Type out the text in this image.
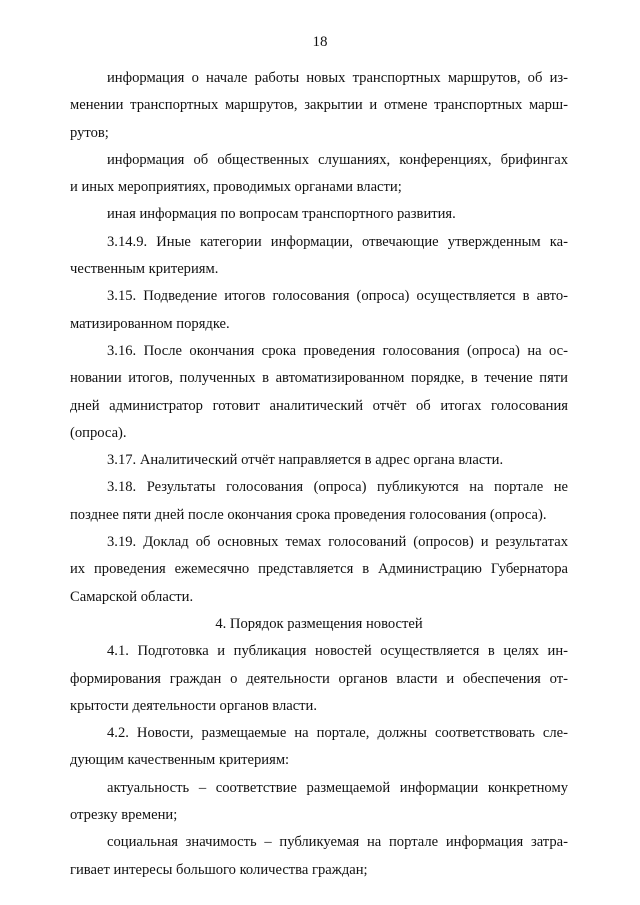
18
информация о начале работы новых транспортных маршрутов, об из-
менении транспортных маршрутов, закрытии и отмене транспортных марш-
рутов;
информация об общественных слушаниях, конференциях, брифингах
и иных мероприятиях, проводимых органами власти;
иная информация по вопросам транспортного развития.
3.14.9. Иные категории информации, отвечающие утвержденным ка-
чественным критериям.
3.15. Подведение итогов голосования (опроса) осуществляется в авто-
матизированном порядке.
3.16. После окончания срока проведения голосования (опроса) на ос-
новании итогов, полученных в автоматизированном порядке, в течение пяти
дней администратор готовит аналитический отчёт об итогах голосования
(опроса).
3.17. Аналитический отчёт направляется в адрес органа власти.
3.18. Результаты голосования (опроса) публикуются на портале не
позднее пяти дней после окончания срока проведения голосования (опроса).
3.19. Доклад об основных темах голосований (опросов) и результатах
их проведения ежемесячно представляется в Администрацию Губернатора
Самарской области.
4. Порядок размещения новостей
4.1. Подготовка и публикация новостей осуществляется в целях ин-
формирования граждан о деятельности органов власти и обеспечения от-
крытости деятельности органов власти.
4.2. Новости, размещаемые на портале, должны соответствовать сле-
дующим качественным критериям:
актуальность – соответствие размещаемой информации конкретному
отрезку времени;
социальная значимость – публикуемая на портале информация затра-
гивает интересы большого количества граждан;
